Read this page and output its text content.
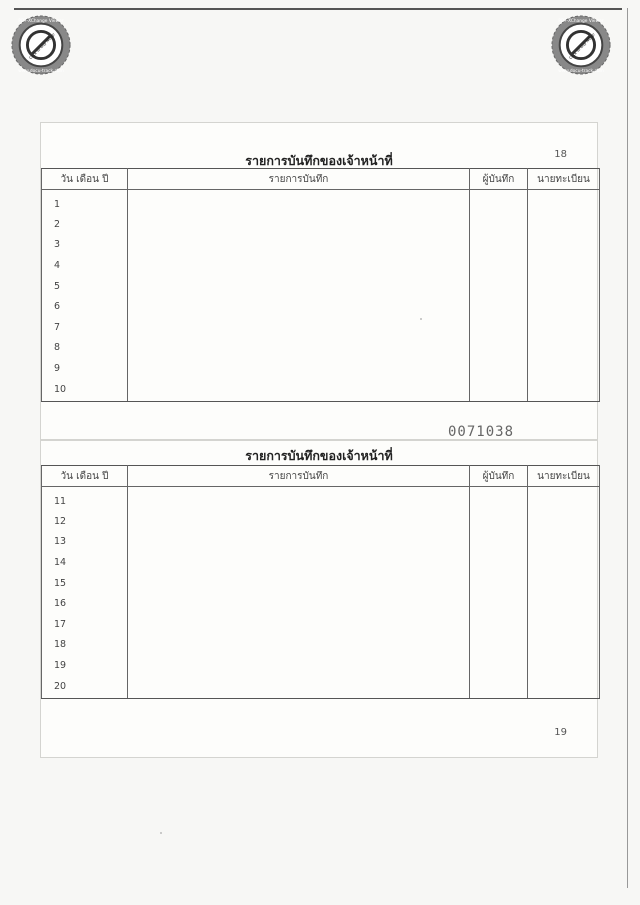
PDF-XChange Viewer
Click to buy NOW!
www.docu-track.com
PDF-XChange Viewer
Click to buy NOW!
www.docu-track.com
รายการบันทึกของเจ้าหน้าที่	18
วัน เดือน ปี	รายการบันทึก	ผู้บันทึก	นายทะเบียน
1			
2			
3			
4			
5			
6			
7			
8			
9			
10			
0071038
รายการบันทึกของเจ้าหน้าที่
วัน เดือน ปี	รายการบันทึก	ผู้บันทึก	นายทะเบียน
11			
12			
13			
14			
15			
16			
17			
18			
19			
20			
19
